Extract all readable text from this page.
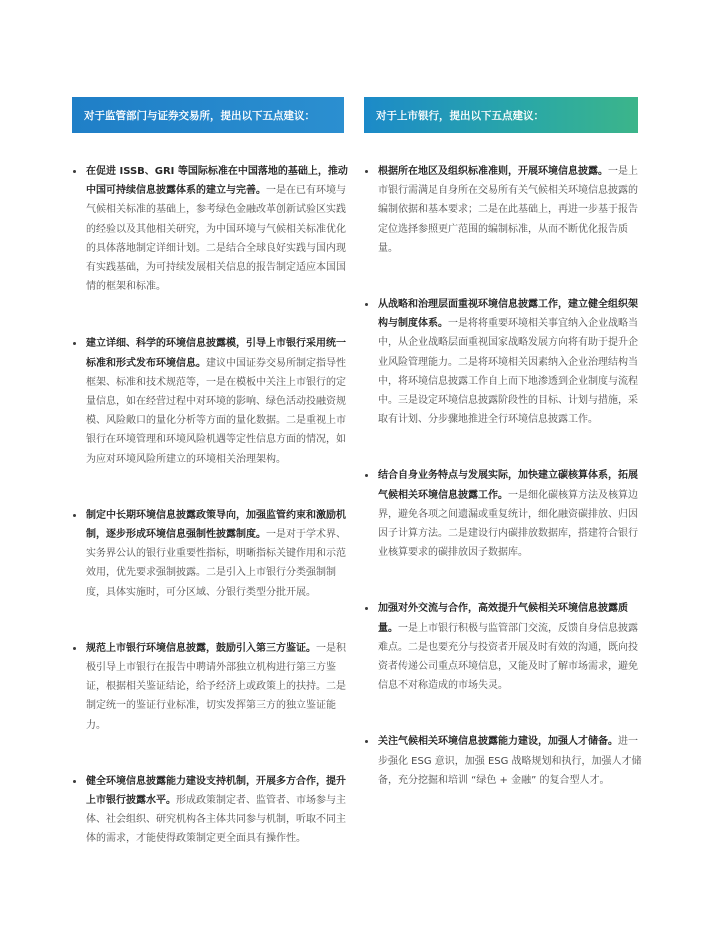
对于监管部门与证券交易所，提出以下五点建议：	对于上市银行，提出以下五点建议：
在促进 ISSB、GRI 等国际标准在中国落地的基础上，推动中国可持续信息披露体系的建立与完善。一是在已有环境与气候相关标准的基础上，参考绿色金融改革创新试验区实践的经验以及其他相关研究，为中国环境与气候相关标准优化的具体落地制定详细计划。二是结合全球良好实践与国内现有实践基础，为可持续发展相关信息的报告制定适应本国国情的框架和标准。
建立详细、科学的环境信息披露模，引导上市银行采用统一标准和形式发布环境信息。建议中国证券交易所制定指导性框架、标准和技术规范等，一是在模板中关注上市银行的定量信息，如在经营过程中对环境的影响、绿色活动投融资规模、风险敞口的量化分析等方面的量化数据。二是重视上市银行在环境管理和环境风险机遇等定性信息方面的情况，如为应对环境风险所建立的环境相关治理架构。
制定中长期环境信息披露政策导向，加强监管约束和激励机制，逐步形成环境信息强制性披露制度。一是对于学术界、实务界公认的银行业重要性指标，明晰指标关键作用和示范效用，优先要求强制披露。二是引入上市银行分类强制制度，具体实施时，可分区域、分银行类型分批开展。
规范上市银行环境信息披露，鼓励引入第三方鉴证。一是积极引导上市银行在报告中聘请外部独立机构进行第三方鉴证，根据相关鉴证结论，给予经济上或政策上的扶持。二是制定统一的鉴证行业标准，切实发挥第三方的独立鉴证能力。
健全环境信息披露能力建设支持机制，开展多方合作，提升上市银行披露水平。形成政策制定者、监管者、市场参与主体、社会组织、研究机构各主体共同参与机制，听取不同主体的需求，才能使得政策制定更全面具有操作性。
根据所在地区及组织标准准则，开展环境信息披露。一是上市银行需满足自身所在交易所有关气候相关环境信息披露的编制依据和基本要求；二是在此基础上，再进一步基于报告定位选择参照更广范围的编制标准，从而不断优化报告质量。
从战略和治理层面重视环境信息披露工作，建立健全组织架构与制度体系。一是将将重要环境相关事宜纳入企业战略当中，从企业战略层面重视国家战略发展方向将有助于提升企业风险管理能力。二是将环境相关因素纳入企业治理结构当中，将环境信息披露工作自上而下地渗透到企业制度与流程中。三是设定环境信息披露阶段性的目标、计划与措施，采取有计划、分步骤地推进全行环境信息披露工作。
结合自身业务特点与发展实际，加快建立碳核算体系，拓展气候相关环境信息披露工作。一是细化碳核算方法及核算边界，避免各项之间遗漏或重复统计，细化融资碳排放、归因因子计算方法。二是建设行内碳排放数据库，搭建符合银行业核算要求的碳排放因子数据库。
加强对外交流与合作，高效提升气候相关环境信息披露质量。一是上市银行积极与监管部门交流，反馈自身信息披露难点。二是也要充分与投资者开展及时有效的沟通，既向投资者传递公司重点环境信息，又能及时了解市场需求，避免信息不对称造成的市场失灵。
关注气候相关环境信息披露能力建设，加强人才储备。进一步强化 ESG 意识，加强 ESG 战略规划和执行，加强人才储备，充分挖掘和培训 “绿色 + 金融” 的复合型人才。
